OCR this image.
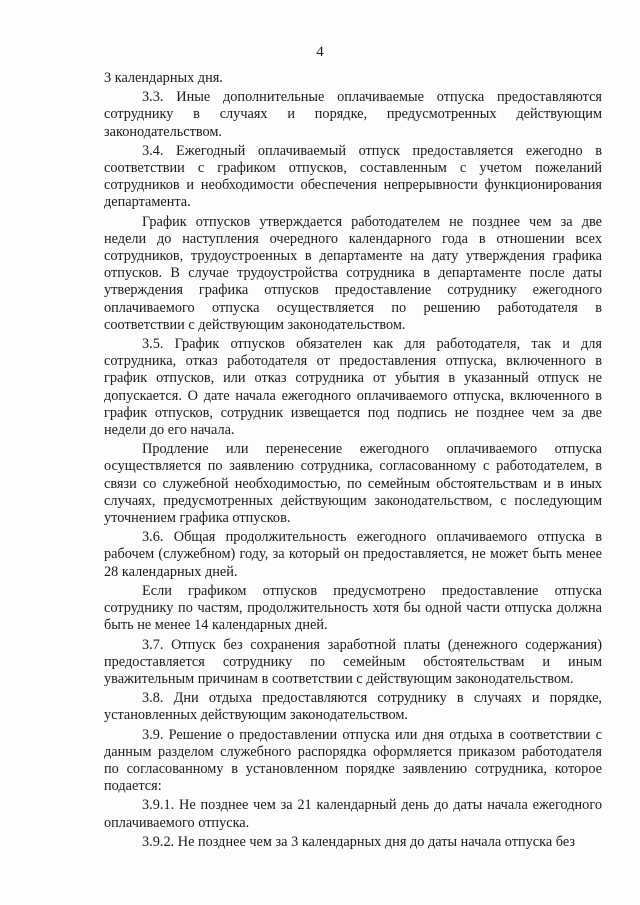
4

3 календарных дня.

3.3. Иные дополнительные оплачиваемые отпуска предоставляются сотруднику в случаях и порядке, предусмотренных действующим законодательством.

3.4. Ежегодный оплачиваемый отпуск предоставляется ежегодно в соответствии с графиком отпусков, составленным с учетом пожеланий сотрудников и необходимости обеспечения непрерывности функционирования департамента.

График отпусков утверждается работодателем не позднее чем за две недели до наступления очередного календарного года в отношении всех сотрудников, трудоустроенных в департаменте на дату утверждения графика отпусков. В случае трудоустройства сотрудника в департаменте после даты утверждения графика отпусков предоставление сотруднику ежегодного оплачиваемого отпуска осуществляется по решению работодателя в соответствии с действующим законодательством.

3.5. График отпусков обязателен как для работодателя, так и для сотрудника, отказ работодателя от предоставления отпуска, включенного в график отпусков, или отказ сотрудника от убытия в указанный отпуск не допускается. О дате начала ежегодного оплачиваемого отпуска, включенного в график отпусков, сотрудник извещается под подпись не позднее чем за две недели до его начала.

Продление или перенесение ежегодного оплачиваемого отпуска осуществляется по заявлению сотрудника, согласованному с работодателем, в связи со служебной необходимостью, по семейным обстоятельствам и в иных случаях, предусмотренных действующим законодательством, с последующим уточнением графика отпусков.

3.6. Общая продолжительность ежегодного оплачиваемого отпуска в рабочем (служебном) году, за который он предоставляется, не может быть менее 28 календарных дней.

Если графиком отпусков предусмотрено предоставление отпуска сотруднику по частям, продолжительность хотя бы одной части отпуска должна быть не менее 14 календарных дней.

3.7. Отпуск без сохранения заработной платы (денежного содержания) предоставляется сотруднику по семейным обстоятельствам и иным уважительным причинам в соответствии с действующим законодательством.

3.8. Дни отдыха предоставляются сотруднику в случаях и порядке, установленных действующим законодательством.

3.9. Решение о предоставлении отпуска или дня отдыха в соответствии с данным разделом служебного распорядка оформляется приказом работодателя по согласованному в установленном порядке заявлению сотрудника, которое подается:

3.9.1. Не позднее чем за 21 календарный день до даты начала ежегодного оплачиваемого отпуска.

3.9.2. Не позднее чем за 3 календарных дня до даты начала отпуска без
